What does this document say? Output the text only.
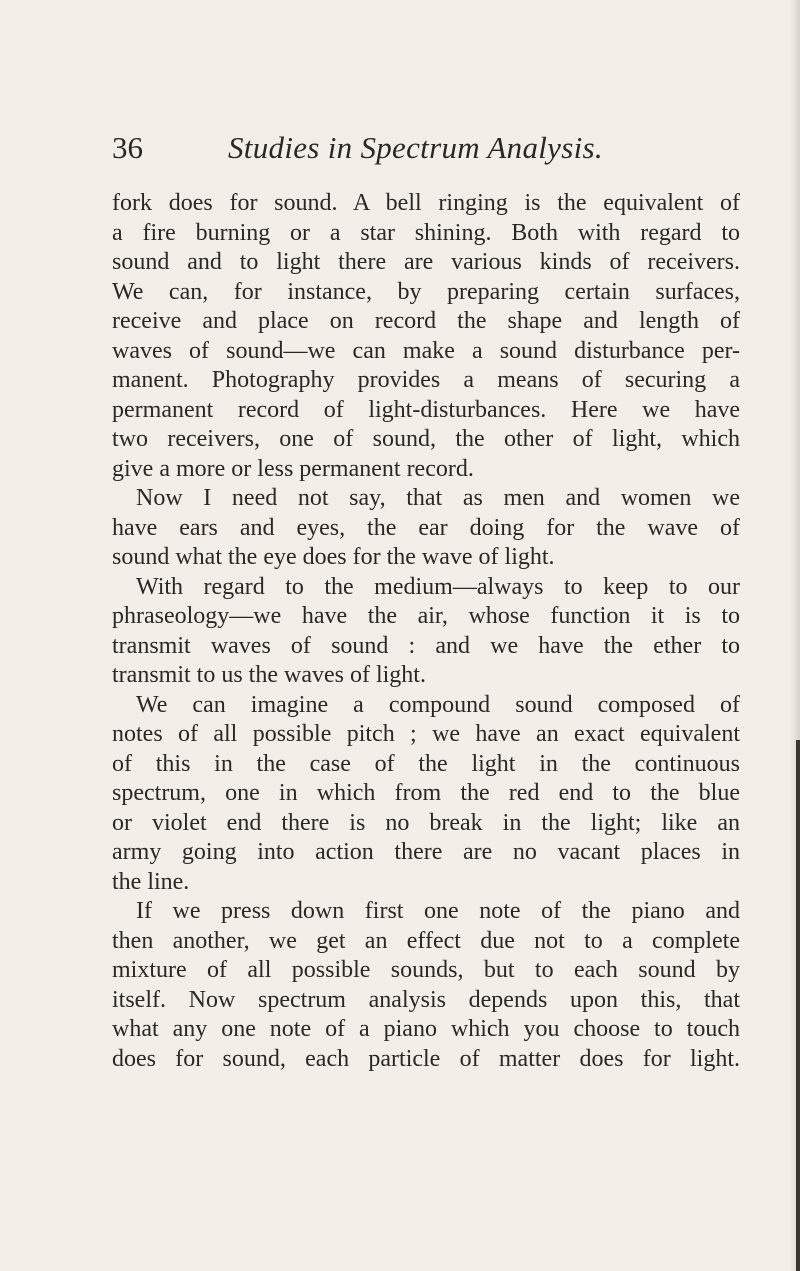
36	Studies in Spectrum Analysis.
fork does for sound. A bell ringing is the equivalent of
a fire burning or a star shining. Both with regard to
sound and to light there are various kinds of receivers.
We can, for instance, by preparing certain surfaces,
receive and place on record the shape and length of
waves of sound—we can make a sound disturbance per-
manent. Photography provides a means of securing a
permanent record of light-disturbances. Here we have
two receivers, one of sound, the other of light, which
give a more or less permanent record.
Now I need not say, that as men and women we
have ears and eyes, the ear doing for the wave of
sound what the eye does for the wave of light.
With regard to the medium—always to keep to our
phraseology—we have the air, whose function it is to
transmit waves of sound : and we have the ether to
transmit to us the waves of light.
We can imagine a compound sound composed of
notes of all possible pitch ; we have an exact equivalent
of this in the case of the light in the continuous
spectrum, one in which from the red end to the blue
or violet end there is no break in the light; like an
army going into action there are no vacant places in
the line.
If we press down first one note of the piano and
then another, we get an effect due not to a complete
mixture of all possible sounds, but to each sound by
itself. Now spectrum analysis depends upon this, that
what any one note of a piano which you choose to touch
does for sound, each particle of matter does for light.
